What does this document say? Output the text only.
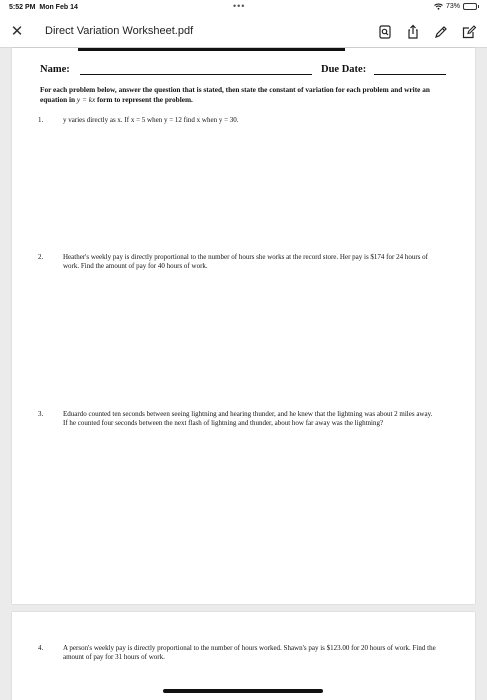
5:52 PM Mon Feb 14	•••	73%
✕ Direct Variation Worksheet.pdf
Name:	Due Date:
For each problem below, answer the question that is stated, then state the constant of variation for each problem and write an equation in y = kx form to represent the problem.
1.	y varies directly as x. If x = 5 when y = 12 find x when y = 30.
2.	Heather's weekly pay is directly proportional to the number of hours she works at the record store. Her pay is $174 for 24 hours of work. Find the amount of pay for 40 hours of work.
3.	Eduardo counted ten seconds between seeing lightning and hearing thunder, and he knew that the lightning was about 2 miles away. If he counted four seconds between the next flash of lightning and thunder, about how far away was the lightning?
4.	A person's weekly pay is directly proportional to the number of hours worked. Shawn's pay is $123.00 for 20 hours of work. Find the amount of pay for 31 hours of work.
